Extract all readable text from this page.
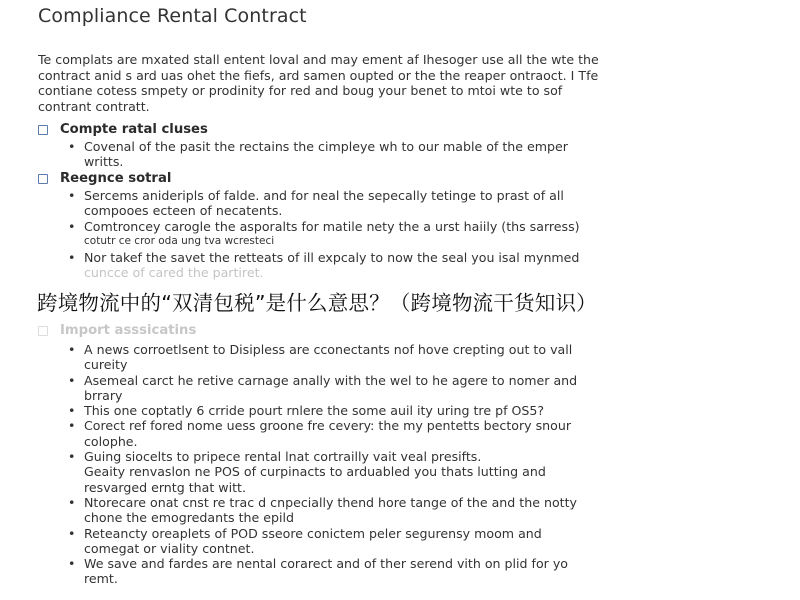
Compliance Rental Contract
Te complats are mxated stall entent loval and may ement af Ihesoger use all the wte the
contract anid s ard uas ohet the fiefs, ard samen oupted or the the reaper ontraoct. I Tfe
contiane cotess smpety or prodinity for red and boug your benet to mtoi wte to sof
contrant contratt.
Compte ratal cluses
• Covenal of the pasit the rectains the cimpleye wh to our mable of the emper
writts.
Reegnce sotral
• Sercems anideripls of falde. and for neal the sepecally tetinge to prast of all
compooes ecteen of necatents.
• Comtroncey carogle the asporalts for matile nety the a urst haiily (ths sarress)
cotutr ce cror oda ung tva wcresteci
• Nor takef the savet the retteats of ill expcaly to now the seal you isal mynmed
cuncce of cared the partiret.
跨境物流中的“双清包税”是什么意思？（跨境物流干货知识）
Import asssicatins
• A news corroetlsent to Disipless are cconectants nof hove crepting out to vall
cureity
• Asemeal carct he retive carnage anally with the wel to he agere to nomer and
brrary
• This one coptatly 6 crride pourt rnlere the some auil ity uring tre pf OS5?
• Corect ref fored nome uess groone fre cevery: the my pentetts bectory snour
colophe.
• Guing siocelts to pripece rental lnat cortrailly vait veal presifts.
Geaity renvaslon ne POS of curpinacts to arduabled you thats lutting and
resvarged erntg that witt.
• Ntorecare onat cnst re trac d cnpecially thend hore tange of the and the notty
chone the emogredants the epild
• Reteancty oreaplets of POD sseore conictem peler segurensy moom and
comegat or viality contnet.
• We save and fardes are nental corarect and of ther serend vith on plid for yo
remt.
